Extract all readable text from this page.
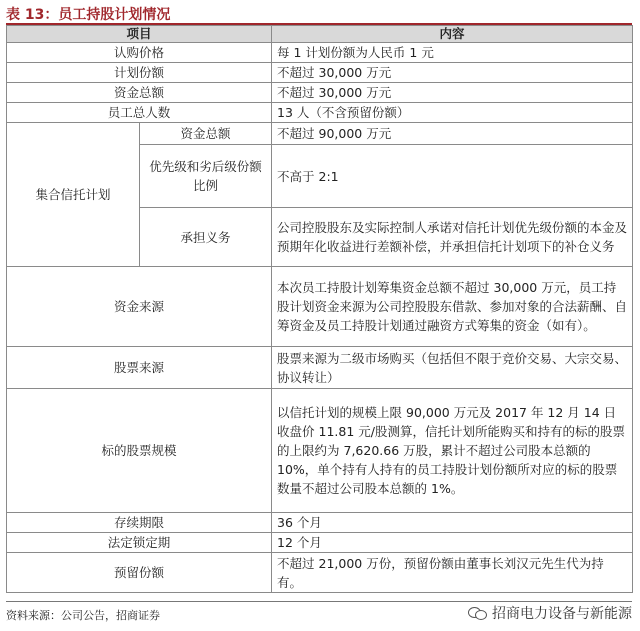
表 13：员工持股计划情况
项目		内容
认购价格		每 1 计划份额为人民币 1 元
计划份额		不超过 30,000 万元
资金总额		不超过 30,000 万元
员工总人数		13 人（不含预留份额）
集合信托计划	资金总额	不超过 90,000 万元
	优先级和劣后级份额比例	不高于 2:1
	承担义务	公司控股股东及实际控制人承诺对信托计划优先级份额的本金及预期年化收益进行差额补偿，并承担信托计划项下的补仓义务
资金来源		本次员工持股计划筹集资金总额不超过 30,000 万元，员工持股计划资金来源为公司控股股东借款、参加对象的合法薪酬、自筹资金及员工持股计划通过融资方式筹集的资金（如有）。
股票来源		股票来源为二级市场购买（包括但不限于竞价交易、大宗交易、协议转让）
标的股票规模		以信托计划的规模上限 90,000 万元及 2017 年 12 月 14 日收盘价 11.81 元/股测算，信托计划所能购买和持有的标的股票的上限约为 7,620.66 万股，累计不超过公司股本总额的 10%，单个持有人持有的员工持股计划份额所对应的标的股票数量不超过公司股本总额的 1%。
存续期限		36 个月
法定锁定期		12 个月
预留份额		不超过 21,000 万份，预留份额由董事长刘汉元先生代为持有。
资料来源：公司公告，招商证券	招商电力设备与新能源
